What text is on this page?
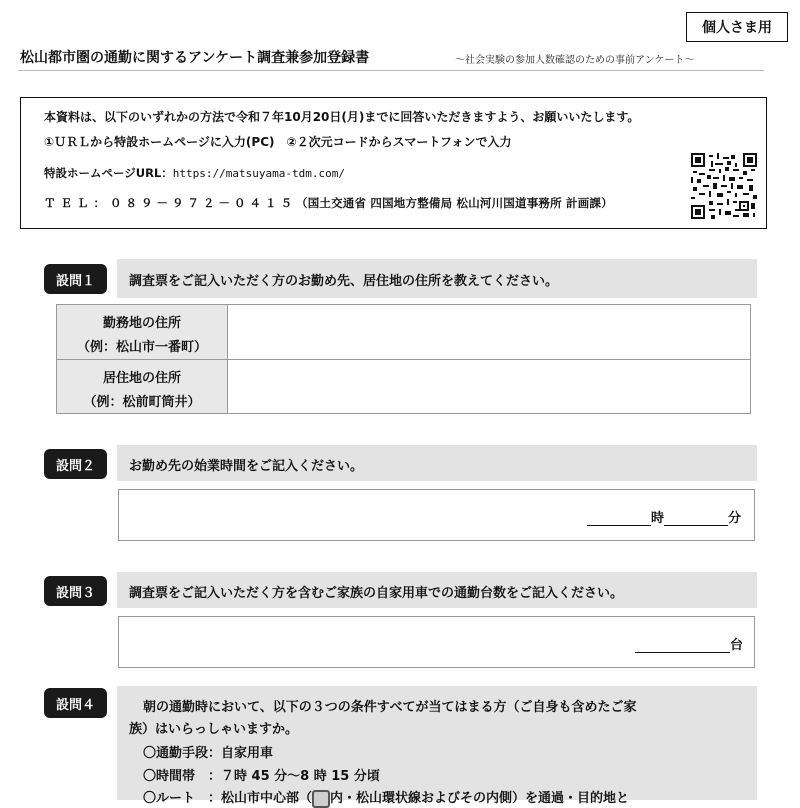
個人さま用
松山都市圏の通勤に関するアンケート調査兼参加登録書	～社会実験の参加人数確認のための事前アンケート～
本資料は、以下のいずれかの方法で令和７年10月20日(月)までに回答いただきますよう、お願いいたします。
①ＵＲＬから特設ホームページに入力(PC)　②２次元コードからスマートフォンで入力
特設ホームページURL：https://matsuyama-tdm.com/
ＴＥＬ：０８９－９７２－０４１５（国土交通省 四国地方整備局 松山河川国道事務所 計画課）
設問１	調査票をご記入いただく方のお勤め先、居住地の住所を教えてください。
勤務地の住所
（例：松山市一番町）
居住地の住所
（例：松前町筒井）
設問２	お勤め先の始業時間をご記入ください。
時	分
設問３	調査票をご記入いただく方を含むご家族の自家用車での通勤台数をご記入ください。
台
設問４	朝の通勤時において、以下の３つの条件すべてが当てはまる方（ご自身も含めたご家
族）はいらっしゃいますか。
〇通勤手段：自家用車
〇時間帯　：７時 45 分～8 時 15 分頃
〇ルート　：松山市中心部（ 内・松山環状線およびその内側）を通過・目的地と
